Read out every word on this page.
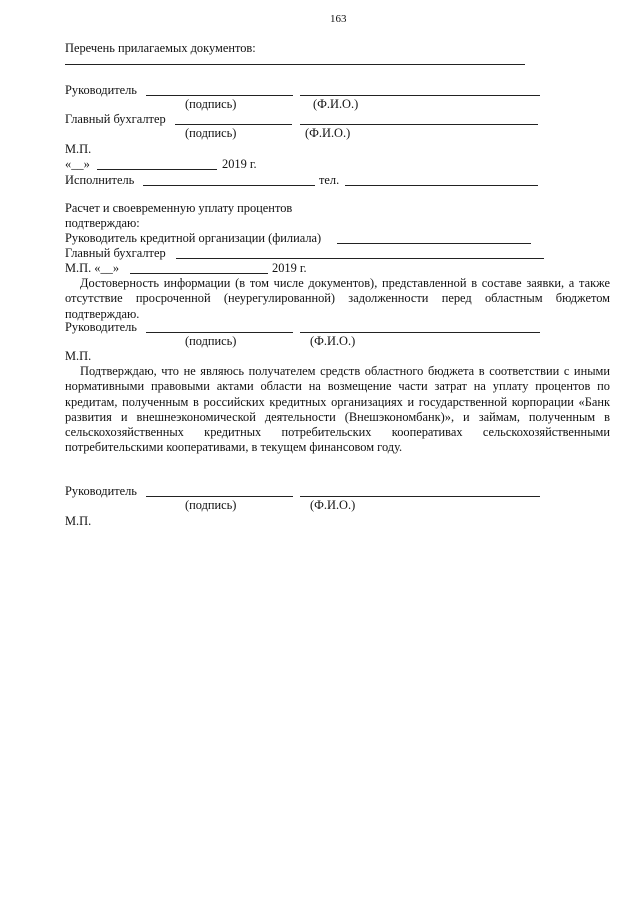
163
Перечень прилагаемых документов:
Руководитель
(подпись)	(Ф.И.О.)
Главный бухгалтер
(подпись)	(Ф.И.О.)
М.П.
«__»	2019 г.
Исполнитель	тел.
Расчет и своевременную уплату процентов
подтверждаю:
Руководитель кредитной организации (филиала)
Главный бухгалтер
М.П. «__»	2019 г.

Достоверность информации (в том числе документов), представленной в составе заявки, а также отсутствие просроченной (неурегулированной) задолженности перед областным бюджетом подтверждаю.

Руководитель
(подпись)	(Ф.И.О.)
М.П.

Подтверждаю, что не являюсь получателем средств областного бюджета в соответствии с иными нормативными правовыми актами области на возмещение части затрат на уплату процентов по кредитам, полученным в российских кредитных организациях и государственной корпорации «Банк развития и внешнеэкономической деятельности (Внешэкономбанк)», и займам, полученным в сельскохозяйственных кредитных потребительских кооперативах сельскохозяйственными потребительскими кооперативами, в текущем финансовом году.

Руководитель
(подпись)	(Ф.И.О.)
М.П.
